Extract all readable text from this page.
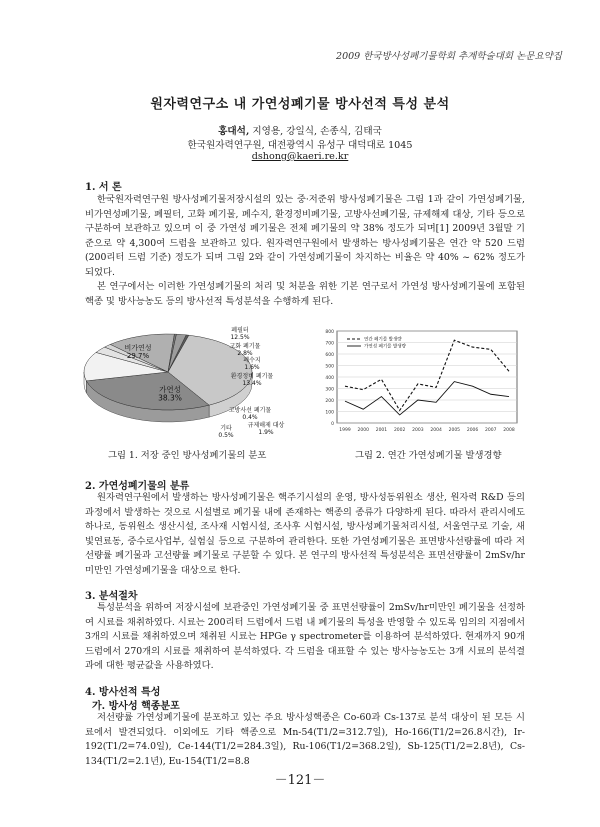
2009 한국방사성폐기물학회 추계학술대회 논문요약집
원자력연구소 내 가연성폐기물 방사선적 특성 분석
홍대석, 지영용, 강일식, 손종식, 김태국
한국원자력연구원, 대전광역시 유성구 대덕대로 1045
dshong@kaeri.re.kr
1. 서 론

한국원자력연구원 방사성폐기물저장시설의 있는 중·저준위 방사성폐기물은 그림 1과 같이 가연성폐기물, 비가연성폐기물, 폐필터, 고화 폐기물, 폐수지, 환경정비폐기물, 고방사선폐기물, 규제해제 대상, 기타 등으로 구분하여 보관하고 있으며 이 중 가연성 폐기물은 전체 폐기물의 약 38% 정도가 되며[1] 2009년 3월말 기준으로 약 4,300여 드럼을 보관하고 있다. 원자력연구원에서 발생하는 방사성폐기물은 연간 약 520 드럼(200리터 드럼 기준) 정도가 되며 그림 2와 같이 가연성폐기물이 차지하는 비율은 약 40% ~ 62% 정도가 되었다.

본 연구에서는 이러한 가연성폐기물의 처리 및 처분을 위한 기본 연구로서 가연성 방사성폐기물에 포함된 핵종 및 방사능농도 등의 방사선적 특성분석을 수행하게 된다.

가연성 38.3%
비가연성 29.7%
폐필터 12.5%
고화 폐기물 2.8%
폐수지 1.6%
환경정비 폐기물 13.4%
고방사선 폐기물 0.4%
규제해제 대상 1.9%
기타 0.5%
그림 1. 저장 중인 방사성폐기물의 분포
0
100
200
300
400
500
600
700
800
1999 2000 2001 2002 2003 2004 2005 2006 2007 2008
연간 폐기물 발생량
가연성 폐기물 발생량
그림 2. 연간 가연성폐기물 발생경향
2. 가연성폐기물의 분류

원자력연구원에서 발생하는 방사성폐기물은 핵주기시설의 운영, 방사성동위원소 생산, 원자력 R&D 등의 과정에서 발생하는 것으로 시설별로 폐기물 내에 존재하는 핵종의 종류가 다양하게 된다. 따라서 관리시에도 하나로, 동위원소 생산시설, 조사재 시험시설, 조사후 시험시설, 방사성폐기물처리시설, 서울연구로 기술, 새빛연료동, 중수로사업부, 실험실 등으로 구분하여 관리한다. 또한 가연성폐기물은 표면방사선량률에 따라 저선량률 폐기물과 고선량률 폐기물로 구분할 수 있다. 본 연구의 방사선적 특성분석은 표면선량률이 2mSv/hr미만인 가연성폐기물을 대상으로 한다.

3. 분석절차

특성분석을 위하여 저장시설에 보관중인 가연성폐기물 중 표면선량률이 2mSv/hr미만인 폐기물을 선정하여 시료를 채취하였다. 시료는 200리터 드럼에서 드럼 내 폐기물의 특성을 반영할 수 있도록 임의의 지점에서 3개의 시료를 채취하였으며 채취된 시료는 HPGe γ spectrometer를 이용하여 분석하였다. 현재까지 90개 드럼에서 270개의 시료를 채취하여 분석하였다. 각 드럼을 대표할 수 있는 방사능농도는 3개 시료의 분석결과에 대한 평균값을 사용하였다.

4. 방사선적 특성
가. 방사성 핵종분포

저선량률 가연성폐기물에 분포하고 있는 주요 방사성핵종은 Co-60과 Cs-137로 분석 대상이 된 모든 시료에서 발견되었다. 이외에도 기타 핵종으로 Mn-54(T1/2=312.7일), Ho-166(T1/2=26.8시간), Ir-192(T1/2=74.0일), Ce-144(T1/2=284.3일), Ru-106(T1/2=368.2일), Sb-125(T1/2=2.8년), Cs-134(T1/2=2.1년), Eu-154(T1/2=8.8

－121－
